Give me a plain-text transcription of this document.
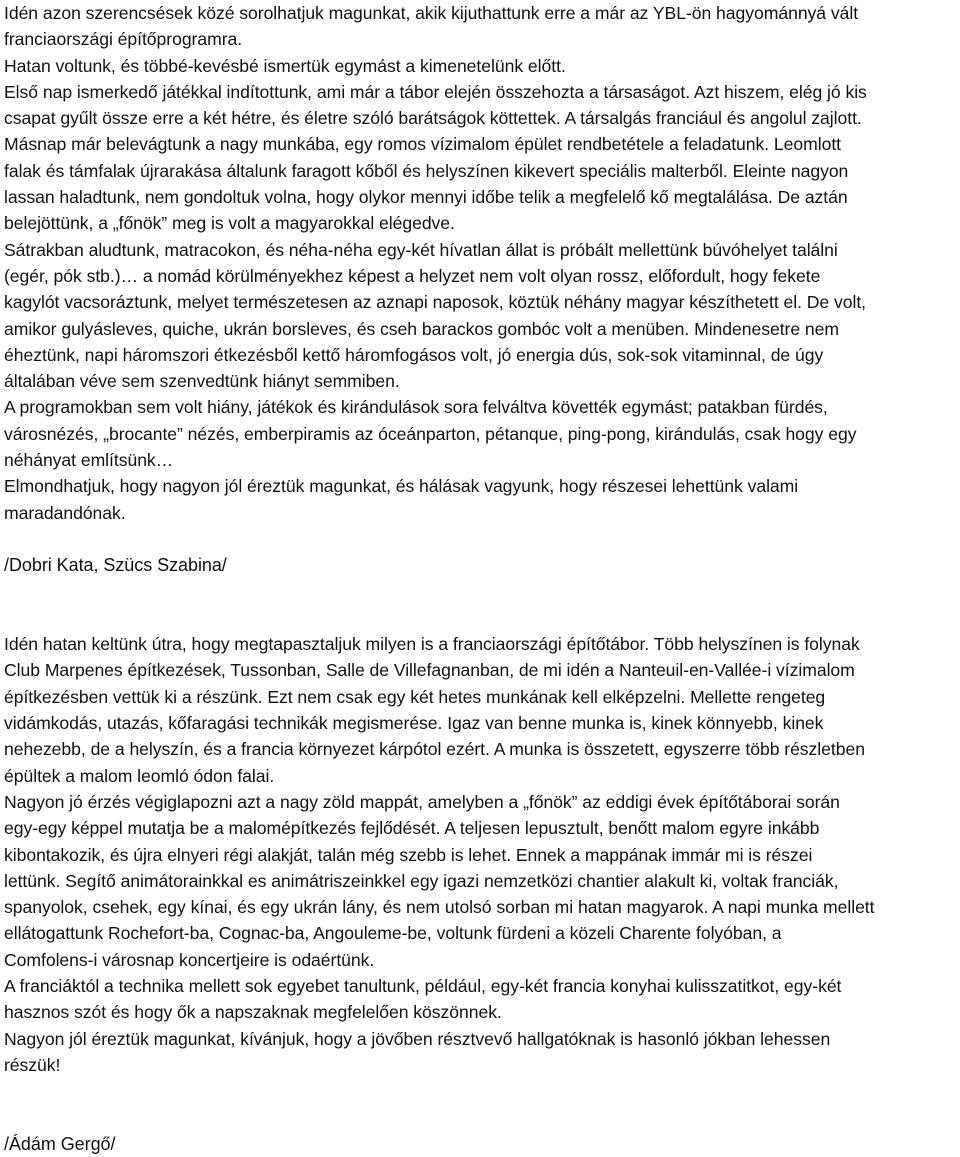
Idén azon szerencsések közé sorolhatjuk magunkat, akik kijuthattunk erre a már az YBL-ön hagyománnyá vált
franciaországi építőprogramra.
Hatan voltunk, és többé-kevésbé ismertük egymást a kimenetelünk előtt.
Első nap ismerkedő játékkal indítottunk, ami már a tábor elején összehozta a társaságot. Azt hiszem, elég jó kis
csapat gyűlt össze erre a két hétre, és életre szóló barátságok köttettek. A társalgás franciául és angolul zajlott.
Másnap már belevágtunk a nagy munkába, egy romos vízimalom épület rendbetétele a feladatunk. Leomlott
falak és támfalak újrarakása általunk faragott kőből és helyszínen kikevert speciális malterből. Eleinte nagyon
lassan haladtunk, nem gondoltuk volna, hogy olykor mennyi időbe telik a megfelelő kő megtalálása. De aztán
belejöttünk, a „főnök” meg is volt a magyarokkal elégedve.
Sátrakban aludtunk, matracokon, és néha-néha egy-két hívatlan állat is próbált mellettünk búvóhelyet találni
(egér, pók stb.)… a nomád körülményekhez képest a helyzet nem volt olyan rossz, előfordult, hogy fekete
kagylót vacsoráztunk, melyet természetesen az aznapi naposok, köztük néhány magyar készíthetett el. De volt,
amikor gulyásleves, quiche, ukrán borsleves, és cseh barackos gombóc volt a menüben. Mindenesetre nem
éheztünk, napi háromszori étkezésből kettő háromfogásos volt, jó energia dús, sok-sok vitaminnal, de úgy
általában véve sem szenvedtünk hiányt semmiben.
A programokban sem volt hiány, játékok és kirándulások sora felváltva követték egymást; patakban fürdés,
városnézés, „brocante” nézés, emberpiramis az óceánparton, pétanque, ping-pong, kirándulás, csak hogy egy
néhányat említsünk…
Elmondhatjuk, hogy nagyon jól éreztük magunkat, és hálásak vagyunk, hogy részesei lehettünk valami
maradandónak.
/Dobri Kata, Szücs Szabina/
Idén hatan keltünk útra, hogy megtapasztaljuk milyen is a franciaországi építőtábor. Több helyszínen is folynak
Club Marpenes építkezések, Tussonban, Salle de Villefagnanban, de mi idén a Nanteuil-en-Vallée-i vízimalom
építkezésben vettük ki a részünk. Ezt nem csak egy két hetes munkának kell elképzelni. Mellette rengeteg
vidámkodás, utazás, kőfaragási technikák megismerése. Igaz van benne munka is, kinek könnyebb, kinek
nehezebb, de a helyszín, és a francia környezet kárpótol ezért. A munka is összetett, egyszerre több részletben
épültek a malom leomló ódon falai.
Nagyon jó érzés végiglapozni azt a nagy zöld mappát, amelyben a „főnök” az eddigi évek építőtáborai során
egy-egy képpel mutatja be a malomépítkezés fejlődését. A teljesen lepusztult, benőtt malom egyre inkább
kibontakozik, és újra elnyeri régi alakját, talán még szebb is lehet. Ennek a mappának immár mi is részei
lettünk. Segítő animátorainkkal es animátriszeinkkel egy igazi nemzetközi chantier alakult ki, voltak franciák,
spanyolok, csehek, egy kínai, és egy ukrán lány, és nem utolsó sorban mi hatan magyarok. A napi munka mellett
ellátogattunk Rochefort-ba, Cognac-ba, Angouleme-be, voltunk fürdeni a közeli Charente folyóban, a
Comfolens-i városnap koncertjeire is odaértünk.
A franciáktól a technika mellett sok egyebet tanultunk, például, egy-két francia konyhai kulisszatitkot, egy-két
hasznos szót és hogy ők a napszaknak megfelelően köszönnek.
Nagyon jól éreztük magunkat, kívánjuk, hogy a jövőben résztvevő hallgatóknak is hasonló jókban lehessen
részük!
/Ádám Gergő/
